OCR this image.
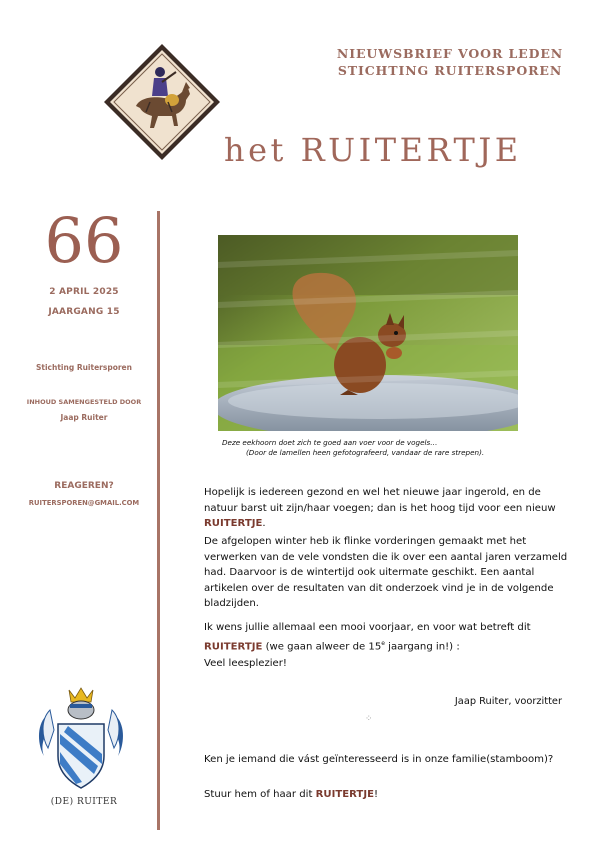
NIEUWSBRIEF VOOR LEDEN
STICHTING RUITERSPOREN
het RUITERTJE
66
2 APRIL 2025
JAARGANG 15
Stichting Ruitersporen
INHOUD SAMENGESTELD DOOR
Jaap Ruiter
REAGEREN?
RUITERSPOREN@GMAIL.COM
(DE) RUITER
Deze eekhoorn doet zich te goed aan voer voor de vogels…
(Door de lamellen heen gefotografeerd, vandaar de rare strepen).
Hopelijk is iedereen gezond en wel het nieuwe jaar ingerold, en de natuur barst uit zijn/haar voegen; dan is het hoog tijd voor een nieuw RUITERTJE.
De afgelopen winter heb ik flinke vorderingen gemaakt met het verwerken van de vele vondsten die ik over een aantal jaren verzameld had. Daarvoor is de wintertijd ook uitermate geschikt. Een aantal artikelen over de resultaten van dit onderzoek vind je in de volgende bladzijden.
Ik wens jullie allemaal een mooi voorjaar, en voor wat betreft dit RUITERTJE (we gaan alweer de 15e jaargang in!) :
Veel leesplezier!
Jaap Ruiter, voorzitter
⁘
Ken je iemand die vást geïnteresseerd is in onze familie(stamboom)?
Stuur hem of haar dit RUITERTJE!
